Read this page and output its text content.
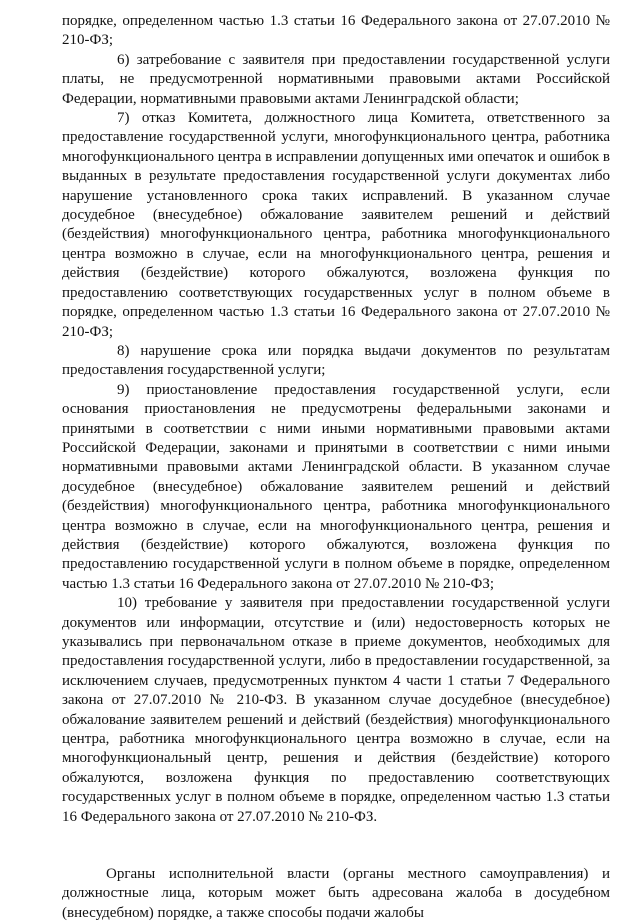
порядке, определенном частью 1.3 статьи 16 Федерального закона от 27.07.2010 № 210-ФЗ;

6) затребование с заявителя при предоставлении государственной услуги платы, не предусмотренной нормативными правовыми актами Российской Федерации, нормативными правовыми актами Ленинградской области;

7) отказ Комитета, должностного лица Комитета, ответственного за предоставление государственной услуги, многофункционального центра, работника многофункционального центра в исправлении допущенных ими опечаток и ошибок в выданных в результате предоставления государственной услуги документах либо нарушение установленного срока таких исправлений. В указанном случае досудебное (внесудебное) обжалование заявителем решений и действий (бездействия) многофункционального центра, работника многофункционального центра возможно в случае, если на многофункционального центра, решения и действия (бездействие) которого обжалуются, возложена функция по предоставлению соответствующих государственных услуг в полном объеме в порядке, определенном частью 1.3 статьи 16 Федерального закона от 27.07.2010 № 210-ФЗ;

8) нарушение срока или порядка выдачи документов по результатам предоставления государственной услуги;

9) приостановление предоставления государственной услуги, если основания приостановления не предусмотрены федеральными законами и принятыми в соответствии с ними иными нормативными правовыми актами Российской Федерации, законами и принятыми в соответствии с ними иными нормативными правовыми актами Ленинградской области. В указанном случае досудебное (внесудебное) обжалование заявителем решений и действий (бездействия) многофункционального центра, работника многофункционального центра возможно в случае, если на многофункционального центра, решения и действия (бездействие) которого обжалуются, возложена функция по предоставлению государственной услуги в полном объеме в порядке, определенном частью 1.3 статьи 16 Федерального закона от 27.07.2010 № 210-ФЗ;

10) требование у заявителя при предоставлении государственной услуги документов или информации, отсутствие и (или) недостоверность которых не указывались при первоначальном отказе в приеме документов, необходимых для предоставления государственной услуги, либо в предоставлении государственной, за исключением случаев, предусмотренных пунктом 4 части 1 статьи 7 Федерального закона от 27.07.2010 № 210-ФЗ. В указанном случае досудебное (внесудебное) обжалование заявителем решений и действий (бездействия) многофункционального центра, работника многофункционального центра возможно в случае, если на многофункциональный центр, решения и действия (бездействие) которого обжалуются, возложена функция по предоставлению соответствующих государственных услуг в полном объеме в порядке, определенном частью 1.3 статьи 16 Федерального закона от 27.07.2010 № 210-ФЗ.

Органы исполнительной власти (органы местного самоуправления) и должностные лица, которым может быть адресована жалоба в досудебном (внесудебном) порядке, а также способы подачи жалобы
